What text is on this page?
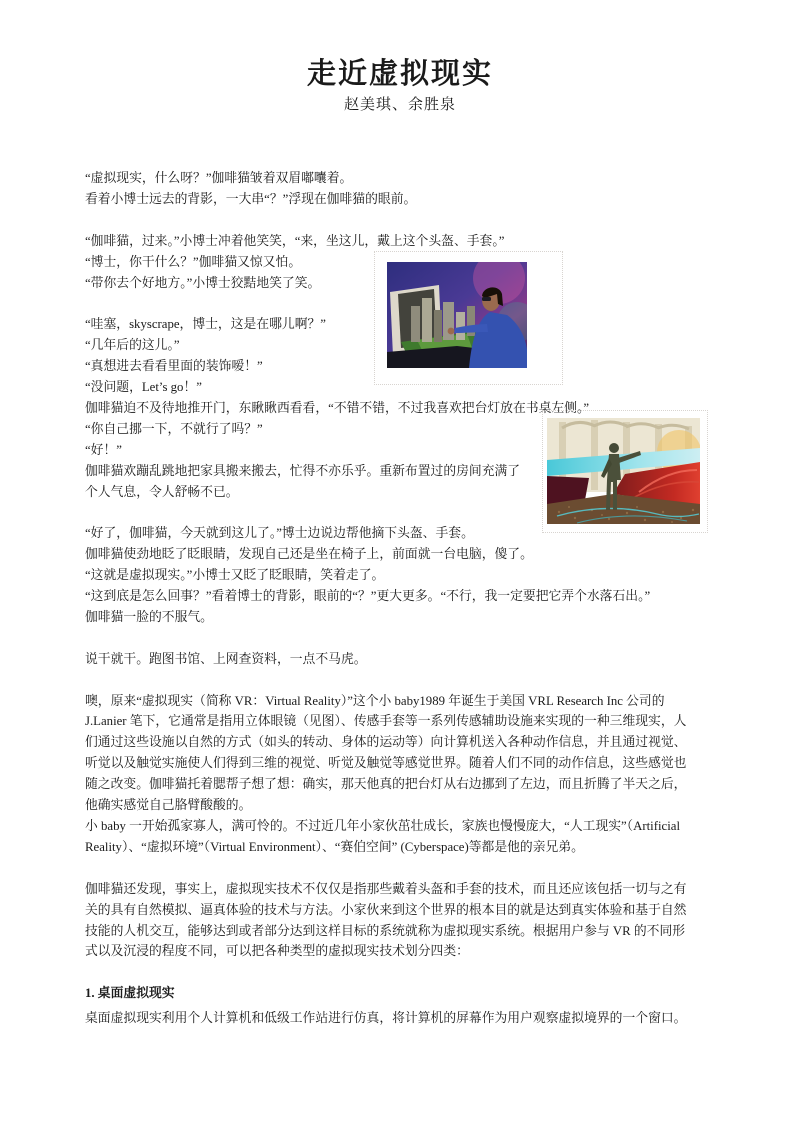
走近虚拟现实
赵美琪、余胜泉
“虚拟现实，什么呀？”伽啡猫皱着双眉嘟囔着。
看着小博士远去的背影，一大串“？”浮现在伽啡猫的眼前。
“伽啡猫，过来。”小博士冲着他笑笑，“来，坐这儿，戴上这个头盔、手套。”
“博士，你干什么？”伽啡猫又惊又怕。
“带你去个好地方。”小博士狡黠地笑了笑。
“哇塞，skyscrape，博士，这是在哪儿啊？”
“几年后的这儿。”
“真想进去看看里面的装饰嗳！”
“没问题，Let’s go！”
伽啡猫迫不及待地推开门，东瞅瞅西看看，“不错不错，不过我喜欢把台灯放在书桌左侧。”
“你自己挪一下，不就行了吗？”
“好！”
伽啡猫欢蹦乱跳地把家具搬来搬去，忙得不亦乐乎。重新布置过的房间充满了
个人气息，令人舒畅不已。
“好了，伽啡猫，今天就到这儿了。”博士边说边帮他摘下头盔、手套。
伽啡猫使劲地眨了眨眼睛，发现自己还是坐在椅子上，前面就一台电脑，傻了。
“这就是虚拟现实。”小博士又眨了眨眼睛，笑着走了。
“这到底是怎么回事？”看着博士的背影，眼前的“？”更大更多。“不行，我一定要把它弄个水落石出。”
伽啡猫一脸的不服气。
说干就干。跑图书馆、上网查资料，一点不马虎。
噢，原来“虚拟现实（简称 VR：Virtual Reality）”这个小 baby1989 年诞生于美国 VRL Research Inc 公司的
J.Lanier 笔下，它通常是指用立体眼镜（见图）、传感手套等一系列传感辅助设施来实现的一种三维现实，人
们通过这些设施以自然的方式（如头的转动、身体的运动等）向计算机送入各种动作信息，并且通过视觉、
听觉以及触觉实施使人们得到三维的视觉、听觉及触觉等感觉世界。随着人们不同的动作信息，这些感觉也
随之改变。伽啡猫托着腮帮子想了想：确实，那天他真的把台灯从右边挪到了左边，而且折腾了半天之后，
他确实感觉自己胳臂酸酸的。
小 baby 一开始孤家寡人，满可怜的。不过近几年小家伙茁壮成长，家族也慢慢庞大，“人工现实”（Artificial
Reality）、“虚拟环境”（Virtual Environment）、“赛伯空间” (Cyberspace)等都是他的亲兄弟。
伽啡猫还发现，事实上，虚拟现实技术不仅仅是指那些戴着头盔和手套的技术，而且还应该包括一切与之有
关的具有自然模拟、逼真体验的技术与方法。小家伙来到这个世界的根本目的就是达到真实体验和基于自然
技能的人机交互，能够达到或者部分达到这样目标的系统就称为虚拟现实系统。根据用户参与 VR 的不同形
式以及沉浸的程度不同，可以把各种类型的虚拟现实技术划分四类：
1. 桌面虚拟现实
桌面虚拟现实利用个人计算机和低级工作站进行仿真，将计算机的屏幕作为用户观察虚拟境界的一个窗口。
